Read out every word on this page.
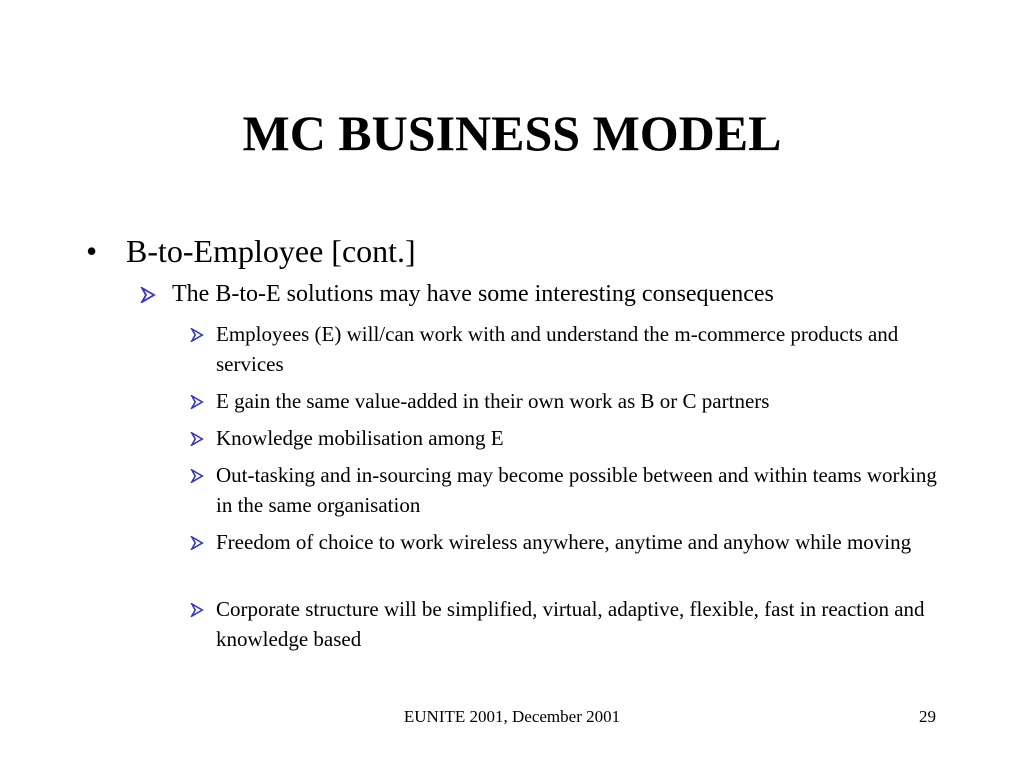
MC BUSINESS MODEL
• B-to-Employee [cont.]
The B-to-E solutions may have some interesting consequences
Employees (E) will/can work with and understand the m-commerce products and services
E gain the same value-added in their own work as B or C partners
Knowledge mobilisation among E
Out-tasking and in-sourcing may become possible between and within teams working in the same organisation
Freedom of choice to work wireless anywhere, anytime and anyhow while moving
Corporate structure will be simplified, virtual, adaptive, flexible, fast in reaction and knowledge based
EUNITE 2001, December 2001	29
